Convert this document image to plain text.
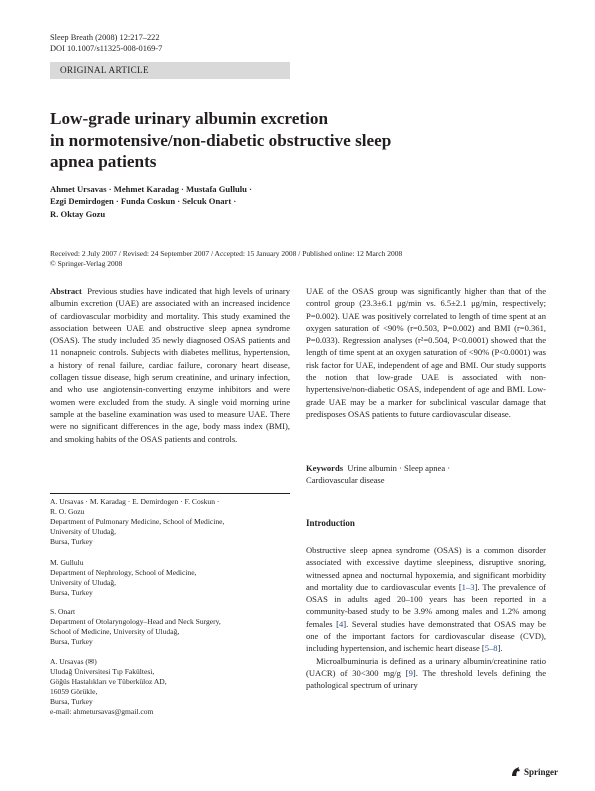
Sleep Breath (2008) 12:217–222
DOI 10.1007/s11325-008-0169-7
ORIGINAL ARTICLE
Low-grade urinary albumin excretion
in normotensive/non-diabetic obstructive sleep
apnea patients
Ahmet Ursavas · Mehmet Karadag · Mustafa Gullulu ·
Ezgi Demirdogen · Funda Coskun · Selcuk Onart ·
R. Oktay Gozu
Received: 2 July 2007 / Revised: 24 September 2007 / Accepted: 15 January 2008 / Published online: 12 March 2008
© Springer-Verlag 2008

Abstract Previous studies have indicated that high levels of urinary albumin excretion (UAE) are associated with an increased incidence of cardiovascular morbidity and mortality. This study examined the association between UAE and obstructive sleep apnea syndrome (OSAS). The study included 35 newly diagnosed OSAS patients and 11 nonapneic controls. Subjects with diabetes mellitus, hypertension, a history of renal failure, cardiac failure, coronary heart disease, collagen tissue disease, high serum creatinine, and urinary infection, and who use angiotensin-converting enzyme inhibitors and were women were excluded from the study. A single void morning urine sample at the baseline examination was used to measure UAE. There were no significant differences in the age, body mass index (BMI), and smoking habits of the OSAS patients and controls.

UAE of the OSAS group was significantly higher than that of the control group (23.3±6.1 μg/min vs. 6.5±2.1 μg/min, respectively; P=0.002). UAE was positively correlated to length of time spent at an oxygen saturation of <90% (r=0.503, P=0.002) and BMI (r=0.361, P=0.033). Regression analyses (r²=0.504, P<0.0001) showed that the length of time spent at an oxygen saturation of <90% (P<0.0001) was risk factor for UAE, independent of age and BMI. Our study supports the notion that low-grade UAE is associated with non-hypertensive/non-diabetic OSAS, independent of age and BMI. Low-grade UAE may be a marker for subclinical vascular damage that predisposes OSAS patients to future cardiovascular disease.

Keywords Urine albumin · Sleep apnea ·
Cardiovascular disease
A. Ursavas · M. Karadag · E. Demirdogen · F. Coskun ·
R. O. Gozu
Department of Pulmonary Medicine, School of Medicine,
University of Uludağ,
Bursa, Turkey
M. Gullulu
Department of Nephrology, School of Medicine,
University of Uludağ,
Bursa, Turkey
S. Onart
Department of Otolaryngology–Head and Neck Surgery,
School of Medicine, University of Uludağ,
Bursa, Turkey
A. Ursavas (✉)
Uludağ Üniversitesi Tıp Fakültesi,
Göğüs Hastalıkları ve Tüberküloz AD,
16059 Görükle,
Bursa, Turkey
e-mail: ahmetursavas@gmail.com
Introduction

Obstructive sleep apnea syndrome (OSAS) is a common disorder associated with excessive daytime sleepiness, disruptive snoring, witnessed apnea and nocturnal hypoxemia, and significant morbidity and mortality due to cardiovascular events [1–3]. The prevalence of OSAS in adults aged 20–100 years has been reported in a community-based study to be 3.9% among males and 1.2% among females [4]. Several studies have demonstrated that OSAS may be one of the important factors for cardiovascular disease (CVD), including hypertension, and ischemic heart disease [5–8].

Microalbuminuria is defined as a urinary albumin/creatinine ratio (UACR) of 30<300 mg/g [9]. The threshold levels defining the pathological spectrum of urinary

Springer
